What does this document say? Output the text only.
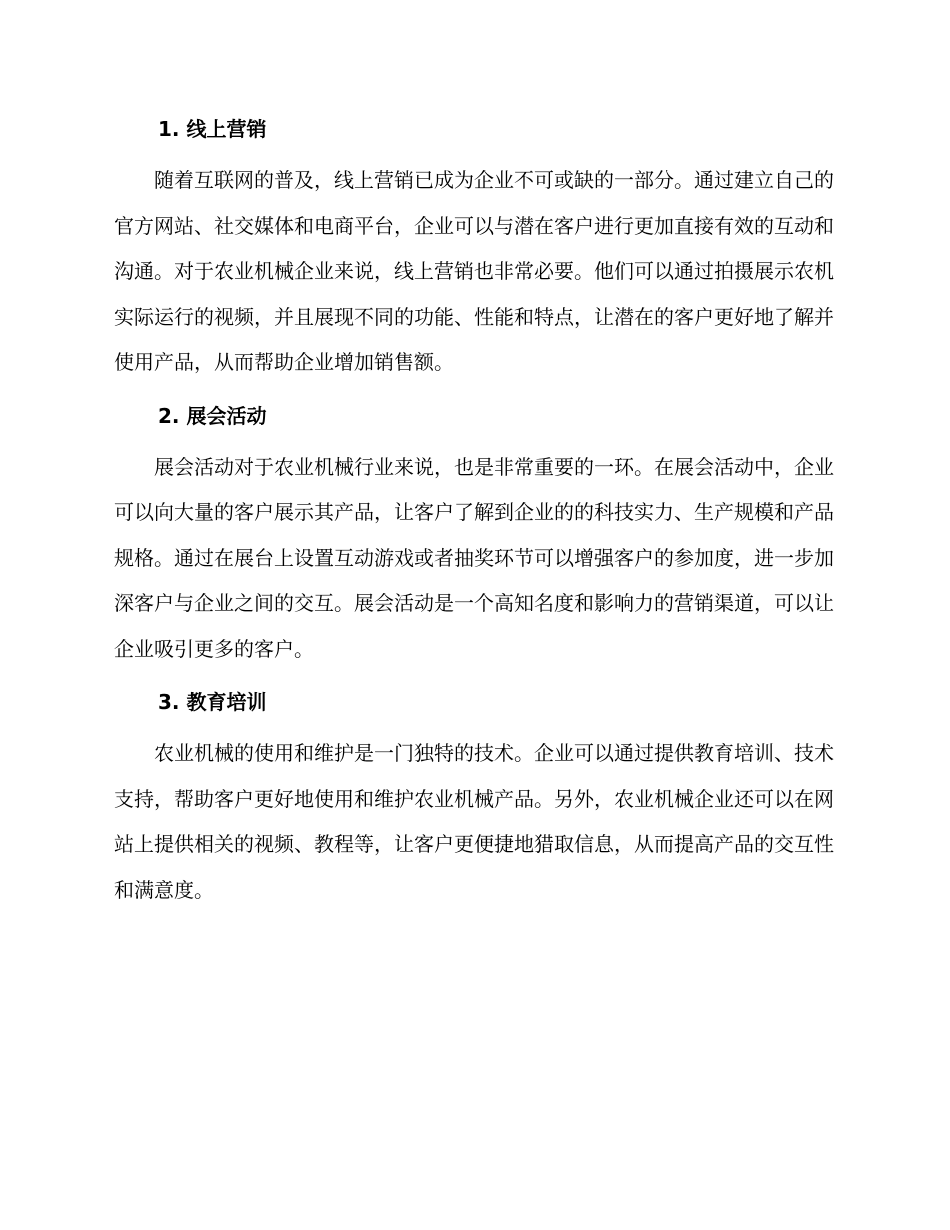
1. 线上营销

随着互联网的普及，线上营销已成为企业不可或缺的一部分。通过建立自己的官方网站、社交媒体和电商平台，企业可以与潜在客户进行更加直接有效的互动和沟通。对于农业机械企业来说，线上营销也非常必要。他们可以通过拍摄展示农机实际运行的视频，并且展现不同的功能、性能和特点，让潜在的客户更好地了解并使用产品，从而帮助企业增加销售额。

2. 展会活动

展会活动对于农业机械行业来说，也是非常重要的一环。在展会活动中，企业可以向大量的客户展示其产品，让客户了解到企业的的科技实力、生产规模和产品规格。通过在展台上设置互动游戏或者抽奖环节可以增强客户的参加度，进一步加深客户与企业之间的交互。展会活动是一个高知名度和影响力的营销渠道，可以让企业吸引更多的客户。

3. 教育培训

农业机械的使用和维护是一门独特的技术。企业可以通过提供教育培训、技术支持，帮助客户更好地使用和维护农业机械产品。另外，农业机械企业还可以在网站上提供相关的视频、教程等，让客户更便捷地猎取信息，从而提高产品的交互性和满意度。
